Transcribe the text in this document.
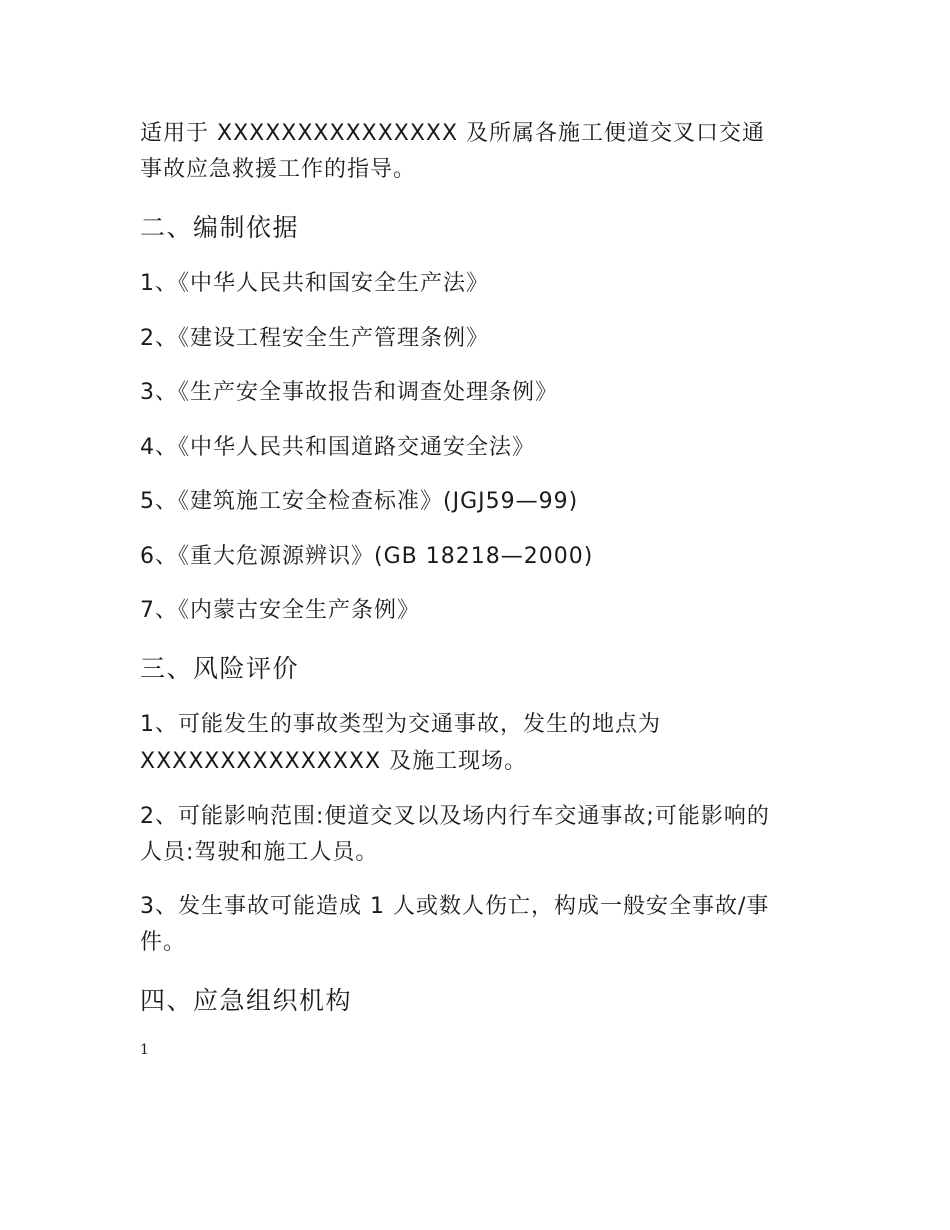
适用于 XXXXXXXXXXXXXXX 及所属各施工便道交叉口交通
事故应急救援工作的指导。
二、编制依据
1、《中华人民共和国安全生产法》
2、《建设工程安全生产管理条例》
3、《生产安全事故报告和调查处理条例》
4、《中华人民共和国道路交通安全法》
5、《建筑施工安全检查标准》(JGJ59—99)
6、《重大危源源辨识》(GB 18218—2000)
7、《内蒙古安全生产条例》
三、风险评价
1、可能发生的事故类型为交通事故，发生的地点为
XXXXXXXXXXXXXXX 及施工现场。
2、可能影响范围:便道交叉以及场内行车交通事故;可能影响的
人员:驾驶和施工人员。
3、发生事故可能造成 1 人或数人伤亡，构成一般安全事故/事
件。
四、应急组织机构
1
